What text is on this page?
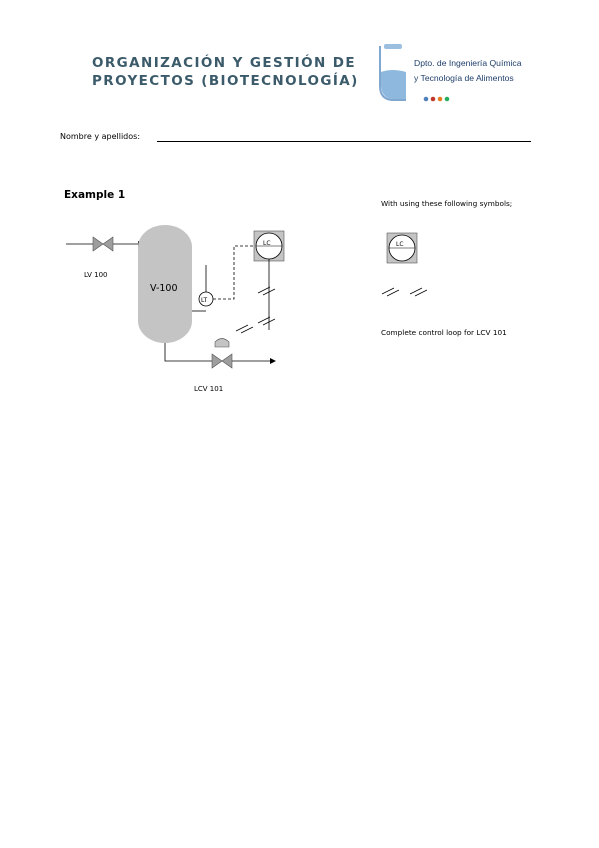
ORGANIZACIÓN Y GESTIÓN DE
PROYECTOS (BIOTECNOLOGÍA)
Dpto. de Ingeniería Química
y Tecnología de Alimentos
Nombre y apellidos:
Example 1
LV 100
V-100
LT
LC
LCV 101
With using these following symbols;
LC
Complete control loop for LCV 101
